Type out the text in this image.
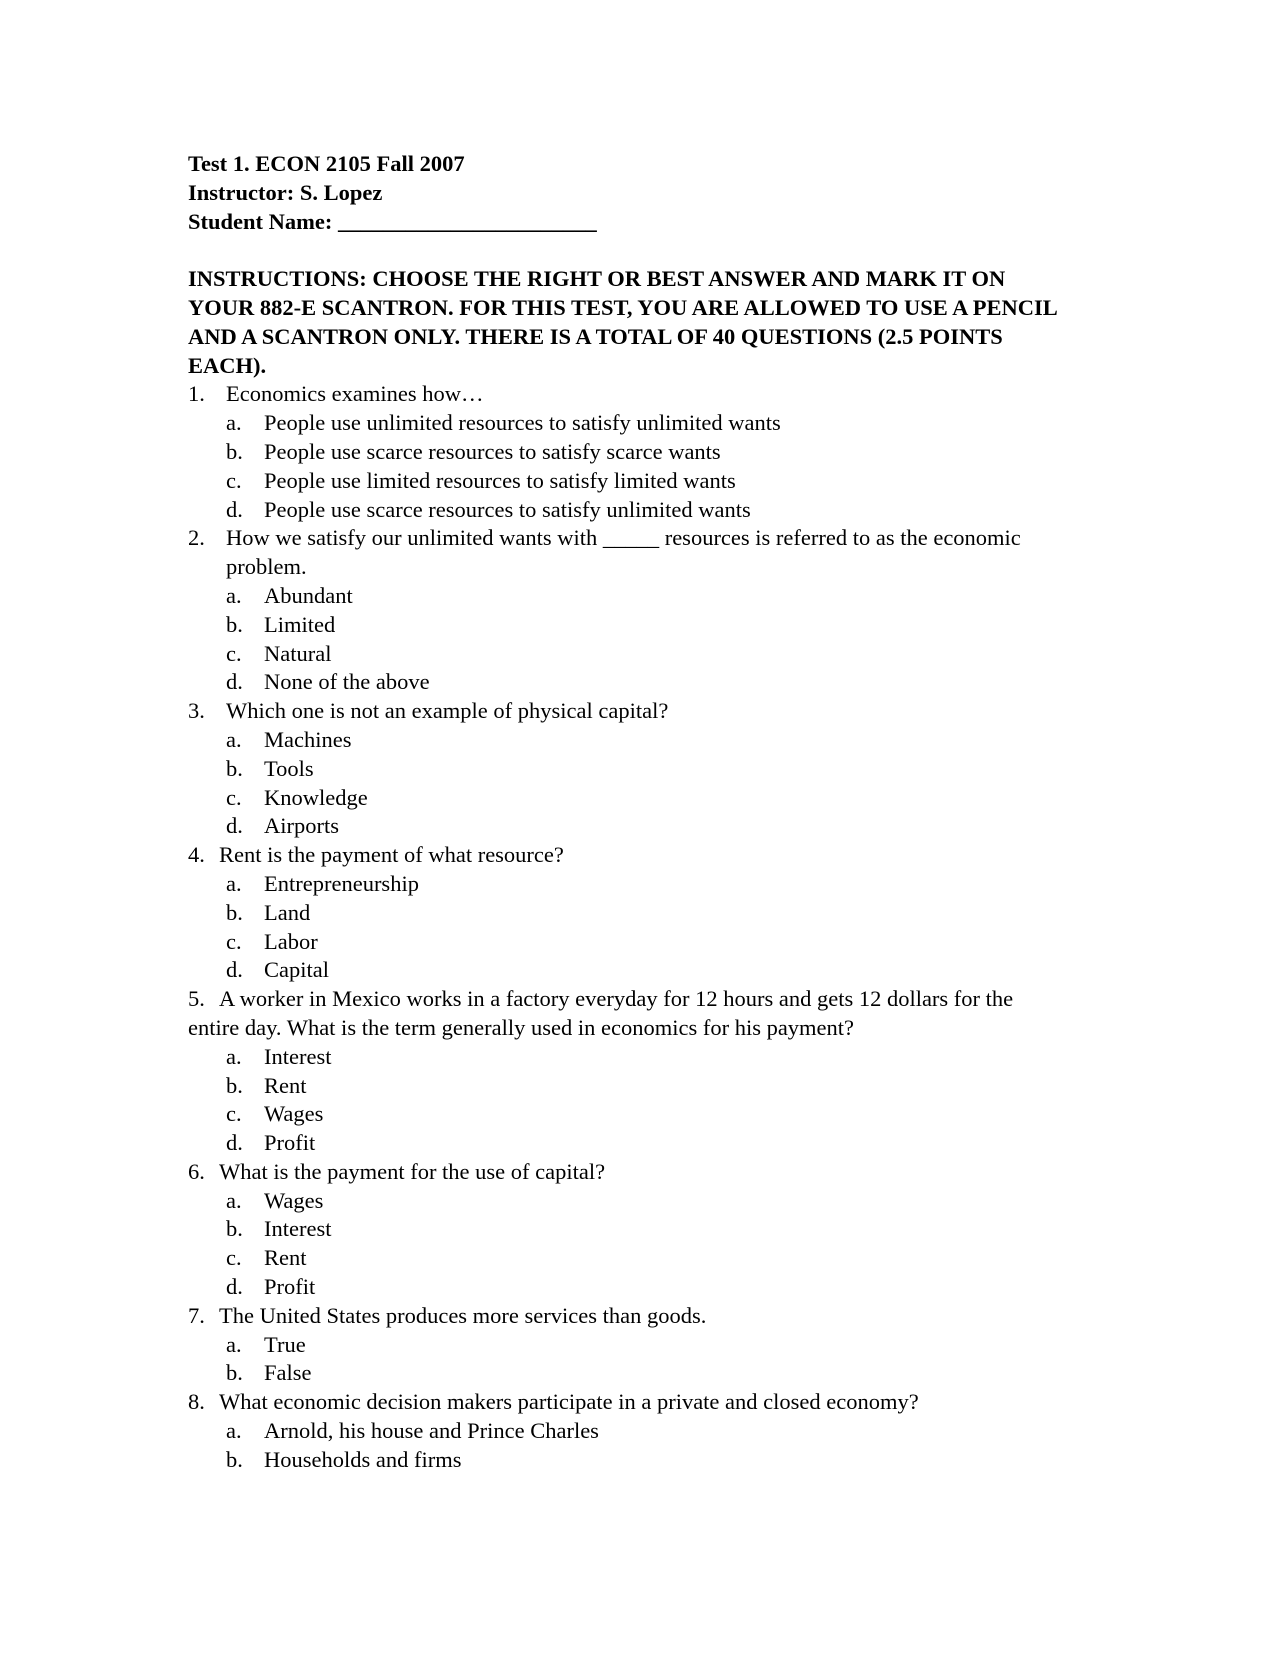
Test 1. ECON 2105 Fall 2007
Instructor: S. Lopez
Student Name: _______________________
INSTRUCTIONS: CHOOSE THE RIGHT OR BEST ANSWER AND MARK IT ON YOUR 882-E SCANTRON. FOR THIS TEST, YOU ARE ALLOWED TO USE A PENCIL AND A SCANTRON ONLY. THERE IS A TOTAL OF 40 QUESTIONS (2.5 POINTS EACH).
1. Economics examines how…
a. People use unlimited resources to satisfy unlimited wants
b. People use scarce resources to satisfy scarce wants
c. People use limited resources to satisfy limited wants
d. People use scarce resources to satisfy unlimited wants
2. How we satisfy our unlimited wants with _____ resources is referred to as the economic problem.
a. Abundant
b. Limited
c. Natural
d. None of the above
3. Which one is not an example of physical capital?
a. Machines
b. Tools
c. Knowledge
d. Airports
4. Rent is the payment of what resource?
a. Entrepreneurship
b. Land
c. Labor
d. Capital
5. A worker in Mexico works in a factory everyday for 12 hours and gets 12 dollars for the entire day. What is the term generally used in economics for his payment?
a. Interest
b. Rent
c. Wages
d. Profit
6. What is the payment for the use of capital?
a. Wages
b. Interest
c. Rent
d. Profit
7. The United States produces more services than goods.
a. True
b. False
8. What economic decision makers participate in a private and closed economy?
a. Arnold, his house and Prince Charles
b. Households and firms
